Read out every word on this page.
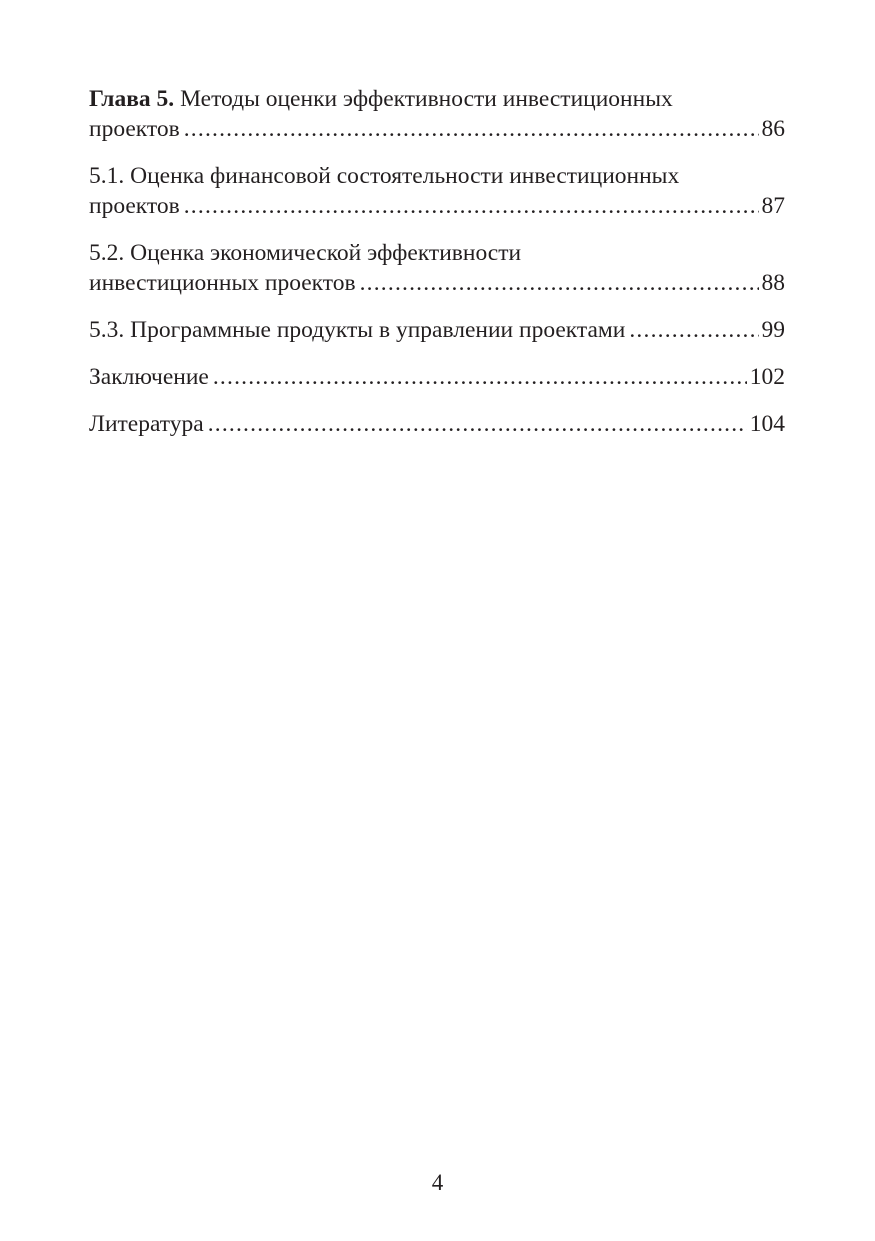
Глава 5. Методы оценки эффективности инвестиционных
проектов .....	86
5.1. Оценка финансовой состоятельности инвестиционных
проектов .....	87
5.2. Оценка экономической эффективности
инвестиционных проектов .....	88
5.3. Программные продукты в управлении проектами .....	99
Заключение .....	102
Литература .....	104
4
